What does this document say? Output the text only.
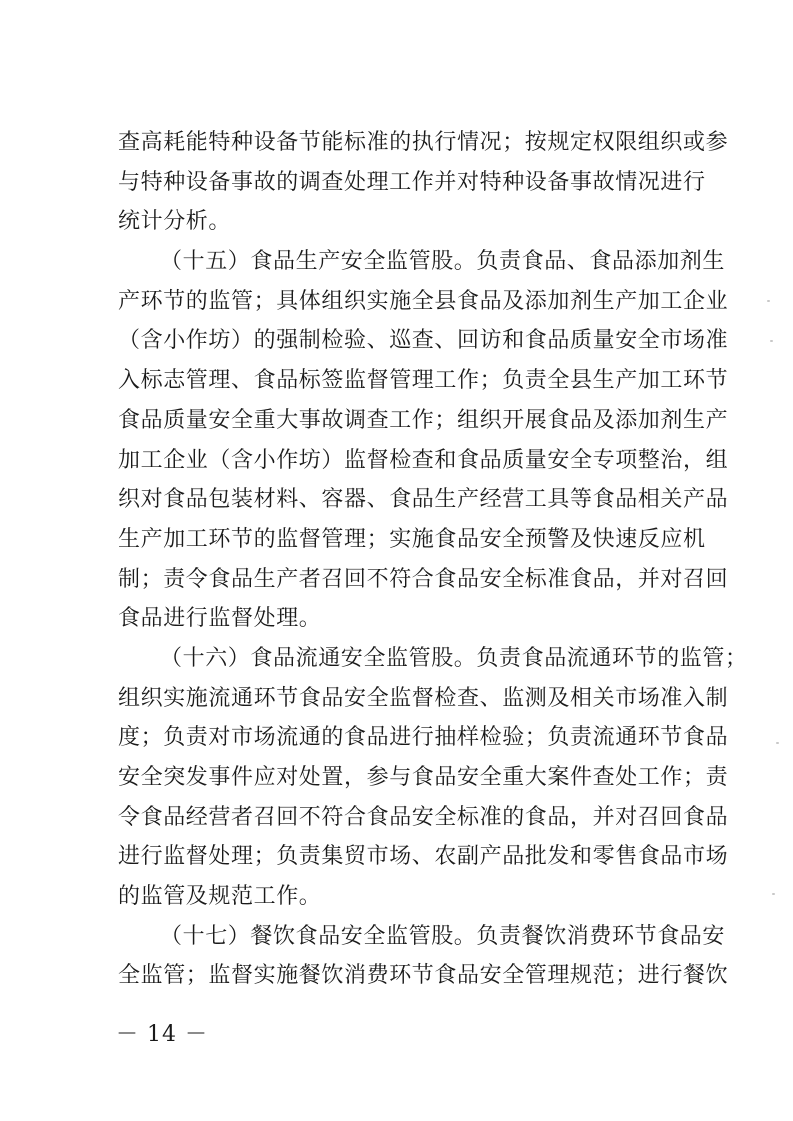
查高耗能特种设备节能标准的执行情况；按规定权限组织或参
与特种设备事故的调查处理工作并对特种设备事故情况进行
统计分析。
（十五）食品生产安全监管股。负责食品、食品添加剂生
产环节的监管；具体组织实施全县食品及添加剂生产加工企业
（含小作坊）的强制检验、巡查、回访和食品质量安全市场准
入标志管理、食品标签监督管理工作；负责全县生产加工环节
食品质量安全重大事故调查工作；组织开展食品及添加剂生产
加工企业（含小作坊）监督检查和食品质量安全专项整治，组
织对食品包装材料、容器、食品生产经营工具等食品相关产品
生产加工环节的监督管理；实施食品安全预警及快速反应机
制；责令食品生产者召回不符合食品安全标准食品，并对召回
食品进行监督处理。
（十六）食品流通安全监管股。负责食品流通环节的监管；
组织实施流通环节食品安全监督检查、监测及相关市场准入制
度；负责对市场流通的食品进行抽样检验；负责流通环节食品
安全突发事件应对处置，参与食品安全重大案件查处工作；责
令食品经营者召回不符合食品安全标准的食品，并对召回食品
进行监督处理；负责集贸市场、农副产品批发和零售食品市场
的监管及规范工作。
（十七）餐饮食品安全监管股。负责餐饮消费环节食品安
全监管；监督实施餐饮消费环节食品安全管理规范；进行餐饮
－ 14 －
